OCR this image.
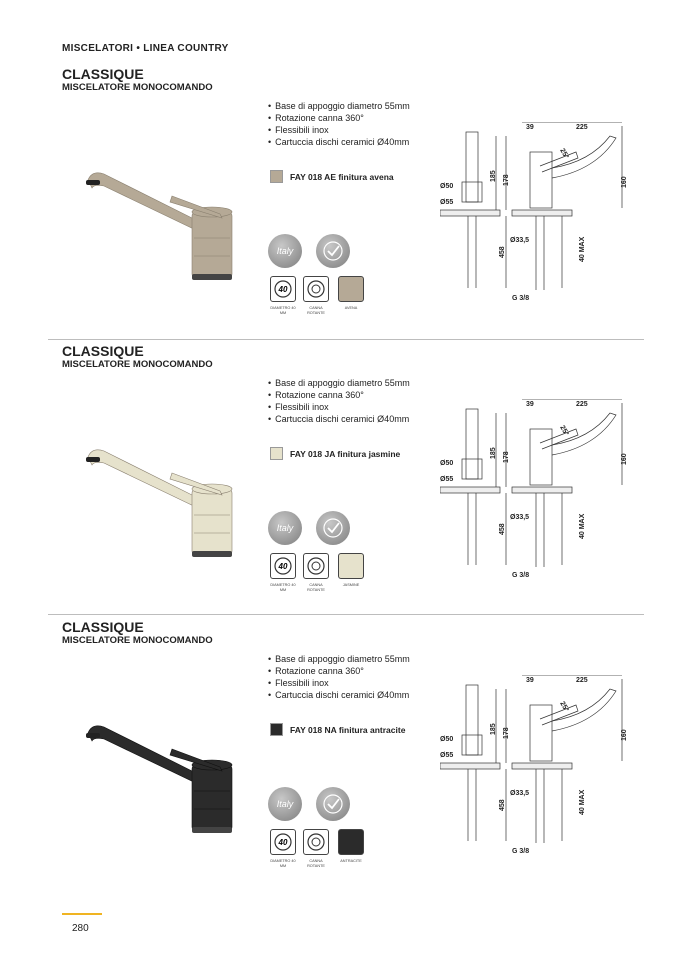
MISCELATORI • LINEA COUNTRY
CLASSIQUE
MISCELATORE MONOCOMANDO
• Base di appoggio diametro 55mm
• Rotazione canna 360°
• Flessibili inox
• Cartuccia dischi ceramici Ø40mm
FAY 018 AE finitura avena
Italy
40
DIAMETRO 40 MM
CANNA ROTANTE
AVENA
39	225
25°
Ø50
Ø55
185 178	160
Ø33,5
458	40 MAX
G 3/8
CLASSIQUE
MISCELATORE MONOCOMANDO
• Base di appoggio diametro 55mm
• Rotazione canna 360°
• Flessibili inox
• Cartuccia dischi ceramici Ø40mm
FAY 018 JA finitura jasmine
Italy
40
DIAMETRO 40 MM
CANNA ROTANTE
JASMINE
39	225
25°
Ø50
Ø55
185 178	160
Ø33,5
458	40 MAX
G 3/8
CLASSIQUE
MISCELATORE MONOCOMANDO
• Base di appoggio diametro 55mm
• Rotazione canna 360°
• Flessibili inox
• Cartuccia dischi ceramici Ø40mm
FAY 018 NA finitura antracite
Italy
40
DIAMETRO 40 MM
CANNA ROTANTE
ANTRACITE
39	225
25°
Ø50
Ø55
185 178	160
Ø33,5
458	40 MAX
G 3/8
280
